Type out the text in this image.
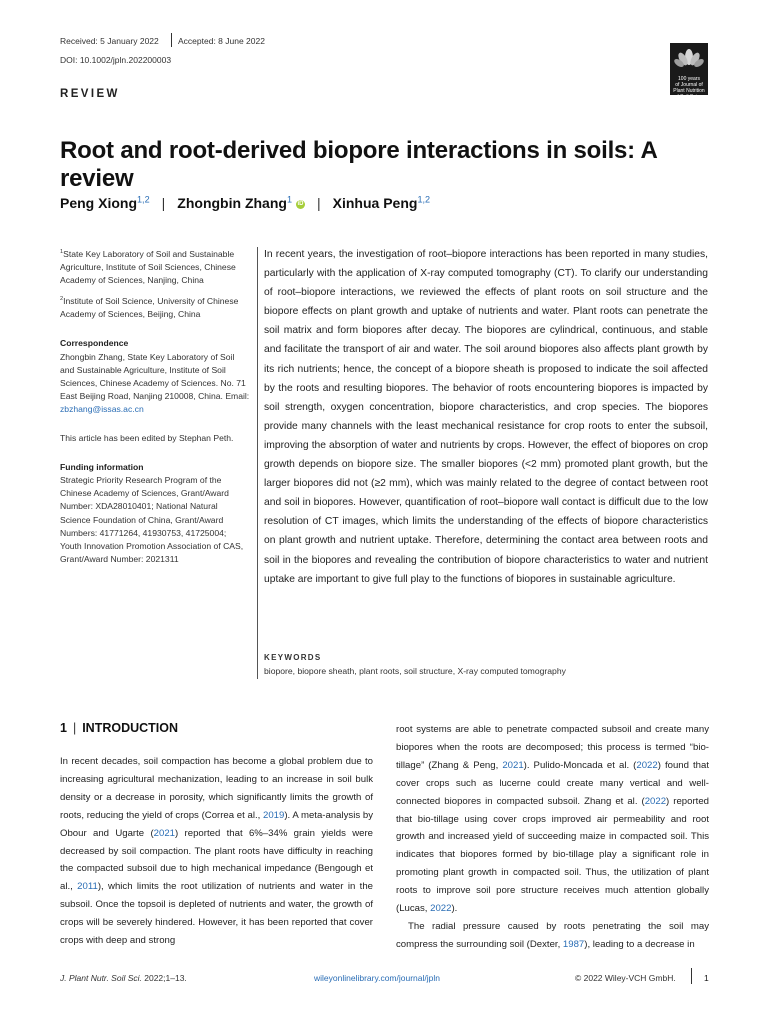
Received: 5 January 2022 Accepted: 8 June 2022
DOI: 10.1002/jpln.202200003
100 years
of Journal of Plant Nutrition
and Soil Science
REVIEW
Root and root-derived biopore interactions in soils: A review
Peng Xiong$^{1,2}$ | Zhongbin Zhang$^1$ iD | Xinhua Peng$^{1,2}$

$^1$State Key Laboratory of Soil and Sustainable Agriculture, Institute of Soil Sciences, Chinese Academy of Sciences, Nanjing, China

$^2$Institute of Soil Science, University of Chinese Academy of Sciences, Beijing, China

Correspondence

Zhongbin Zhang, State Key Laboratory of Soil and Sustainable Agriculture, Institute of Soil Sciences, Chinese Academy of Sciences. No. 71 East Beijing Road, Nanjing 210008, China. Email: zbzhang@issas.ac.cn

This article has been edited by Stephan Peth.

Funding information

Strategic Priority Research Program of the Chinese Academy of Sciences, Grant/Award Number: XDA28010401; National Natural Science Foundation of China, Grant/Award Numbers: 41771264, 41930753, 41725004; Youth Innovation Promotion Association of CAS, Grant/Award Number: 2021311

In recent years, the investigation of root–biopore interactions has been reported in many studies, particularly with the application of X-ray computed tomography (CT). To clarify our understanding of root–biopore interactions, we reviewed the effects of plant roots on soil structure and the biopore effects on plant growth and uptake of nutrients and water. Plant roots can penetrate the soil matrix and form biopores after decay. The biopores are cylindrical, continuous, and stable and facilitate the transport of air and water. The soil around biopores also affects plant growth by its rich nutrients; hence, the concept of a biopore sheath is proposed to indicate the soil affected by the roots and resulting biopores. The behavior of roots encountering biopores is impacted by soil strength, oxygen concentration, biopore characteristics, and crop species. The biopores provide many channels with the least mechanical resistance for crop roots to enter the subsoil, improving the absorption of water and nutrients by crops. However, the effect of biopores on crop growth depends on biopore size. The smaller biopores (<2 mm) promoted plant growth, but the larger biopores did not (≥2 mm), which was mainly related to the degree of contact between root and soil in biopores. However, quantification of root–biopore wall contact is difficult due to the low resolution of CT images, which limits the understanding of the effects of biopore characteristics on plant growth and nutrient uptake. Therefore, determining the contact area between roots and soil in the biopores and revealing the contribution of biopore characteristics to water and nutrient uptake are important to give full play to the functions of biopores in sustainable agriculture.
KEYWORDS
biopore, biopore sheath, plant roots, soil structure, X-ray computed tomography
1 | INTRODUCTION

In recent decades, soil compaction has become a global problem due to increasing agricultural mechanization, leading to an increase in soil bulk density or a decrease in porosity, which significantly limits the growth of roots, reducing the yield of crops (Correa et al., 2019). A meta-analysis by Obour and Ugarte (2021) reported that 6%–34% grain yields were decreased by soil compaction. The plant roots have difficulty in reaching the compacted subsoil due to high mechanical impedance (Bengough et al., 2011), which limits the root utilization of nutrients and water in the subsoil. Once the topsoil is depleted of nutrients and water, the growth of crops will be severely hindered. However, it has been reported that cover crops with deep and strong

root systems are able to penetrate compacted subsoil and create many biopores when the roots are decomposed; this process is termed “bio-tillage” (Zhang & Peng, 2021). Pulido-Moncada et al. (2022) found that cover crops such as lucerne could create many vertical and well-connected biopores in compacted subsoil. Zhang et al. (2022) reported that bio-tillage using cover crops improved air permeability and root growth and increased yield of succeeding maize in compacted soil. This indicates that biopores formed by bio-tillage play a significant role in promoting plant growth in compacted soil. Thus, the utilization of plant roots to improve soil pore structure receives much attention globally (Lucas, 2022).

The radial pressure caused by roots penetrating the soil may compress the surrounding soil (Dexter, 1987), leading to a decrease in

J. Plant Nutr. Soil Sci. 2022;1–13.	wileyonlinelibrary.com/journal/jpln	© 2022 Wiley-VCH GmbH.	1
